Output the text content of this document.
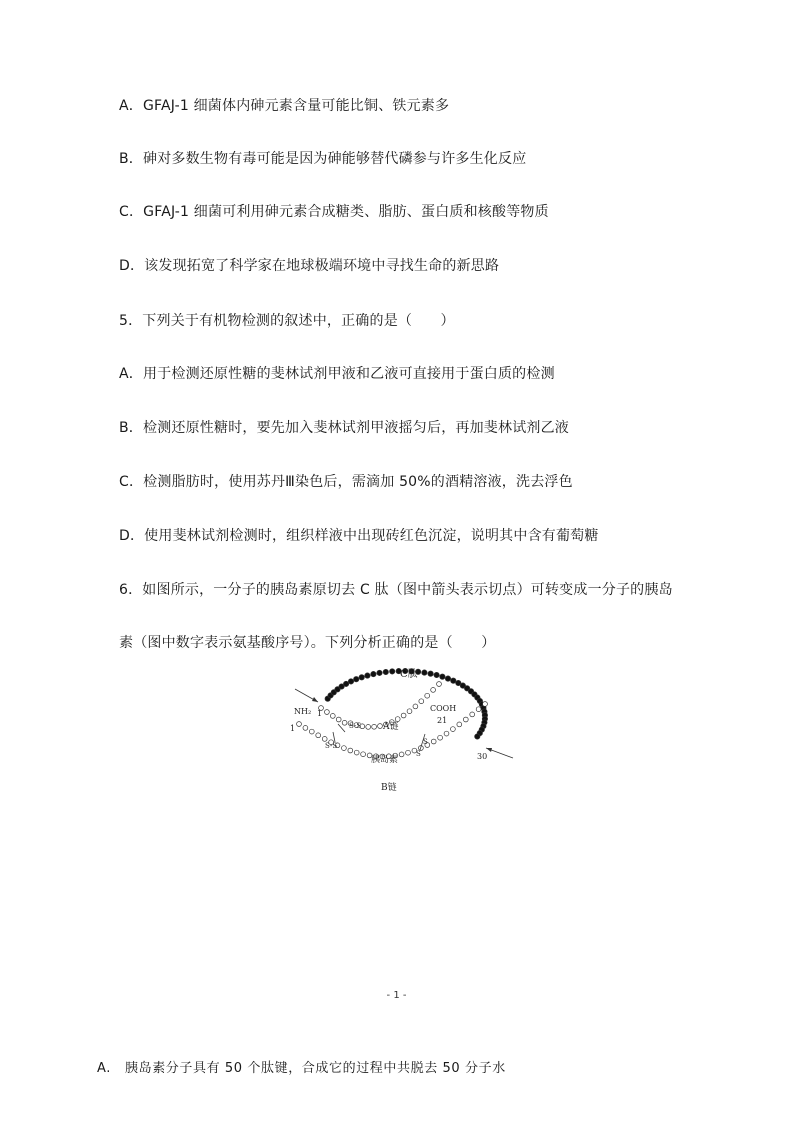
A．GFAJ-1 细菌体内砷元素含量可能比铜、铁元素多
B．砷对多数生物有毒可能是因为砷能够替代磷参与许多生化反应
C．GFAJ-1 细菌可利用砷元素合成糖类、脂肪、蛋白质和核酸等物质
D．该发现拓宽了科学家在地球极端环境中寻找生命的新思路
5．下列关于有机物检测的叙述中，正确的是（　　）
A．用于检测还原性糖的斐林试剂甲液和乙液可直接用于蛋白质的检测
B．检测还原性糖时，要先加入斐林试剂甲液摇匀后，再加斐林试剂乙液
C．检测脂肪时，使用苏丹Ⅲ染色后，需滴加 50%的酒精溶液，洗去浮色
D．使用斐林试剂检测时，组织样液中出现砖红色沉淀，说明其中含有葡萄糖
6．如图所示，一分子的胰岛素原切去 C 肽（图中箭头表示切点）可转变成一分子的胰岛
素（图中数字表示氨基酸序号）。下列分析正确的是（　　）
C肽
COOH
21
A链
S-S
S-S	S
S
NH₂ 1
1
胰岛素	30
B链
- 1 -
A. 胰岛素分子具有 50 个肽键，合成它的过程中共脱去 50 分子水
